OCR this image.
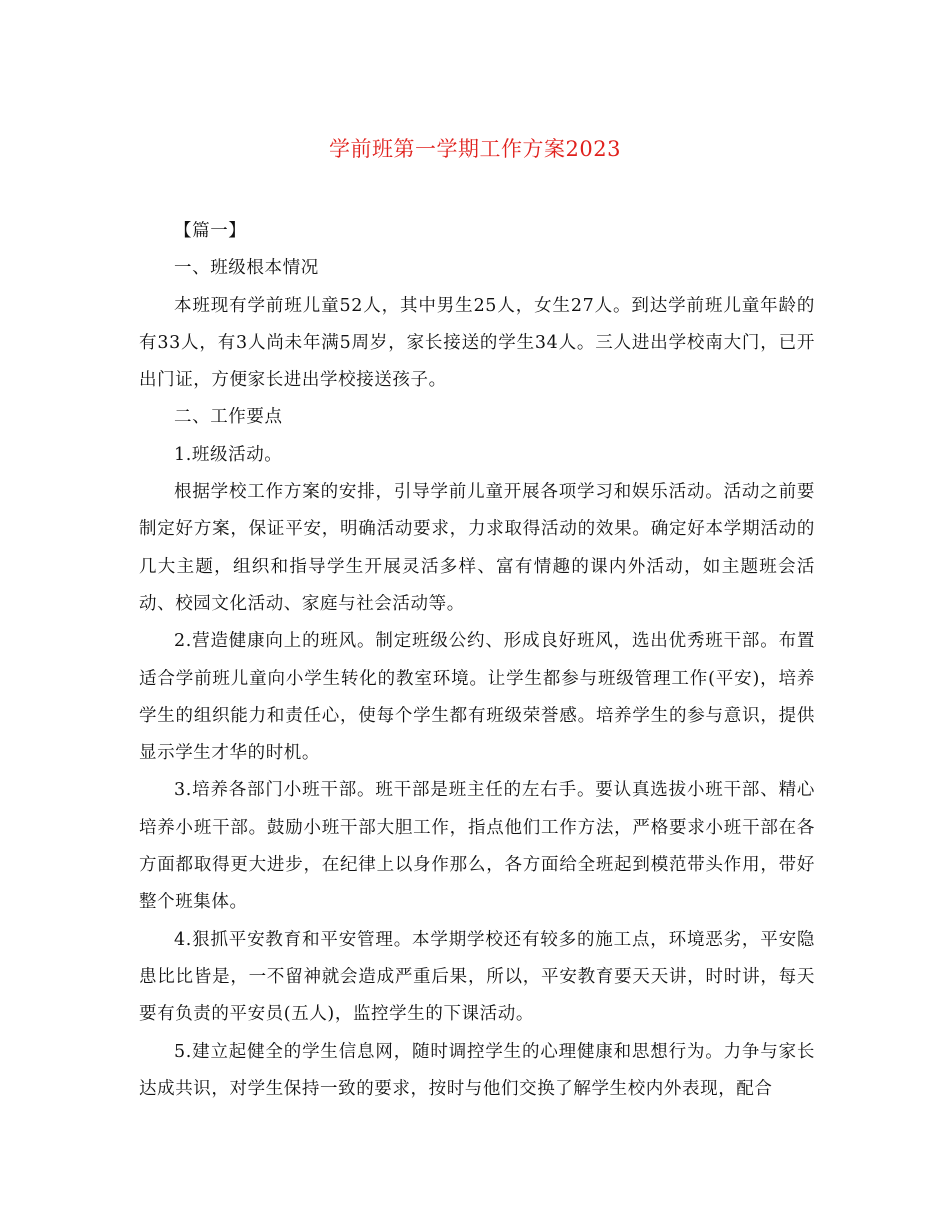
学前班第一学期工作方案2023

【篇一】

一、班级根本情况

本班现有学前班儿童52人，其中男生25人，女生27人。到达学前班儿童年龄的有33人，有3人尚未年满5周岁，家长接送的学生34人。三人进出学校南大门，已开出门证，方便家长进出学校接送孩子。

二、工作要点

1.班级活动。

根据学校工作方案的安排，引导学前儿童开展各项学习和娱乐活动。活动之前要制定好方案，保证平安，明确活动要求，力求取得活动的效果。确定好本学期活动的几大主题，组织和指导学生开展灵活多样、富有情趣的课内外活动，如主题班会活动、校园文化活动、家庭与社会活动等。

2.营造健康向上的班风。制定班级公约、形成良好班风，选出优秀班干部。布置适合学前班儿童向小学生转化的教室环境。让学生都参与班级管理工作(平安)，培养学生的组织能力和责任心，使每个学生都有班级荣誉感。培养学生的参与意识，提供显示学生才华的时机。

3.培养各部门小班干部。班干部是班主任的左右手。要认真选拔小班干部、精心培养小班干部。鼓励小班干部大胆工作，指点他们工作方法，严格要求小班干部在各方面都取得更大进步，在纪律上以身作那么，各方面给全班起到模范带头作用，带好整个班集体。

4.狠抓平安教育和平安管理。本学期学校还有较多的施工点，环境恶劣，平安隐患比比皆是，一不留神就会造成严重后果，所以，平安教育要天天讲，时时讲，每天要有负责的平安员(五人)，监控学生的下课活动。

5.建立起健全的学生信息网，随时调控学生的心理健康和思想行为。力争与家长达成共识，对学生保持一致的要求，按时与他们交换了解学生校内外表现，配合
